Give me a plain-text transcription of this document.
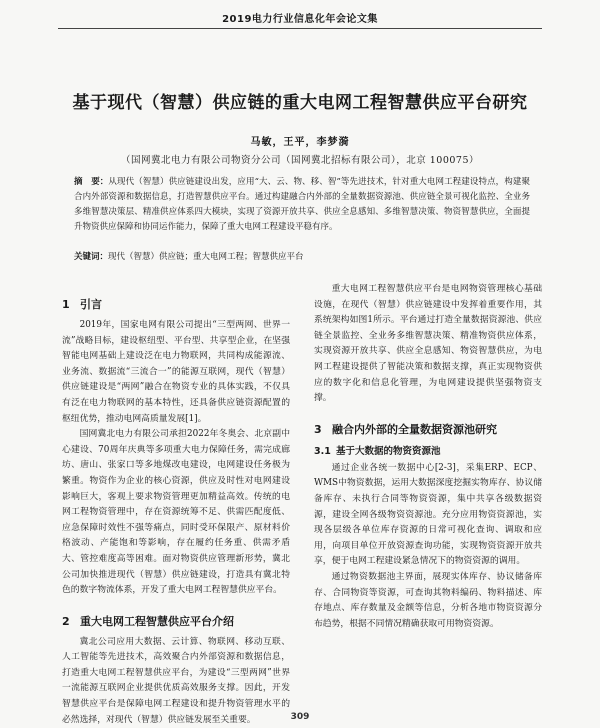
2019电力行业信息化年会论文集
基于现代（智慧）供应链的重大电网工程智慧供应平台研究
马敏，王平，李梦漪
（国网冀北电力有限公司物资分公司（国网冀北招标有限公司），北京 100075）
摘　要：从现代（智慧）供应链建设出发，应用“大、云、物、移、智”等先进技术，针对重大电网工程建设特点，构建聚合内外部资源和数据信息，打造智慧供应平台。通过构建融合内外部的全量数据资源池、供应链全景可视化监控、全业务多维智慧决策层、精准供应体系四大模块，实现了资源开放共享、供应全息感知、多维智慧决策、物资智慧供应，全面提升物资供应保障和协同运作能力，保障了重大电网工程建设平稳有序。
关键词：现代（智慧）供应链；重大电网工程；智慧供应平台
1 引言

2019年，国家电网有限公司提出“三型两网、世界一流”战略目标，建设枢纽型、平台型、共享型企业，在坚强智能电网基础上建设泛在电力物联网，共同构成能源流、业务流、数据流“三流合一”的能源互联网，现代（智慧）供应链建设是“两网”融合在物资专业的具体实践，不仅具有泛在电力物联网的基本特性，还具备供应链资源配置的枢纽优势，推动电网高质量发展[1]。

国网冀北电力有限公司承担2022年冬奥会、北京副中心建设、70周年庆典等多项重大电力保障任务，需完成廊坊、唐山、张家口等多地煤改电建设，电网建设任务极为繁重。物资作为企业的核心资源，供应及时性对电网建设影响巨大，客观上要求物资管理更加精益高效。传统的电网工程物资管理中，存在资源统筹不足、供需匹配度低、应急保障时效性不强等痛点，同时受环保限产、原材料价格波动、产能饱和等影响，存在履约任务重、供需矛盾大、管控难度高等困难。面对物资供应管理新形势，冀北公司加快推进现代（智慧）供应链建设，打造具有冀北特色的数字物流体系，开发了重大电网工程智慧供应平台。

2 重大电网工程智慧供应平台介绍

冀北公司应用大数据、云计算、物联网、移动互联、人工智能等先进技术，高效聚合内外部资源和数据信息，打造重大电网工程智慧供应平台，为建设“三型两网”世界一流能源互联网企业提供优质高效服务支撑。因此，开发智慧供应平台是保障电网工程建设和提升物资管理水平的必然选择，对现代（智慧）供应链发展至关重要。

重大电网工程智慧供应平台是电网物资管理核心基础设施，在现代（智慧）供应链建设中发挥着重要作用，其系统架构如图1所示。平台通过打造全量数据资源池、供应链全景监控、全业务多维智慧决策、精准物资供应体系，实现资源开放共享、供应全息感知、物资智慧供应，为电网工程建设提供了智能决策和数据支撑，真正实现物资供应的数字化和信息化管理，为电网建设提供坚强物资支撑。

3 融合内外部的全量数据资源池研究
3.1 基于大数据的物资资源池

通过企业各统一数据中心[2-3]，采集ERP、ECP、WMS中物资数据，运用大数据深度挖掘实物库存、协议储备库存、未执行合同等物资资源，集中共享各级数据资源，建设全网各级物资资源池。充分应用物资资源池，实现各层级各单位库存资源的日常可视化查询、调取和应用，向项目单位开放资源查询功能，实现物资资源开放共享，便于电网工程建设紧急情况下的物资资源的调用。

通过物资数据池主界面，展现实体库存、协议储备库存、合同物资等资源，可查询其物料编码、物料描述、库存地点、库存数量及金额等信息，分析各地市物资资源分布趋势，根据不同情况精确获取可用物资资源。

309
